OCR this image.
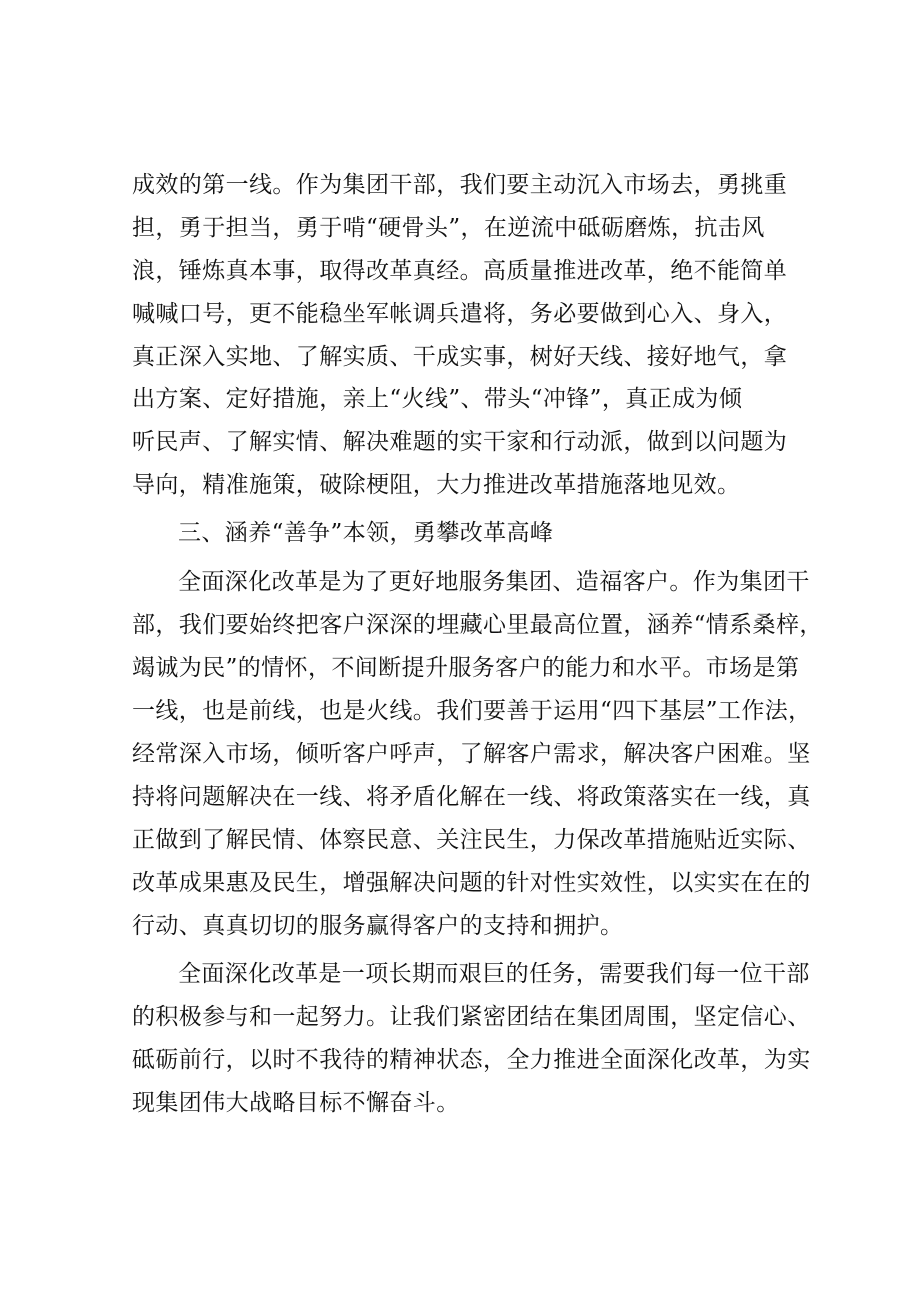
成效的第一线。作为集团干部，我们要主动沉入市场去，勇挑重
担，勇于担当，勇于啃“硬骨头”，在逆流中砥砺磨炼，抗击风
浪，锤炼真本事，取得改革真经。高质量推进改革，绝不能简单
喊喊口号，更不能稳坐军帐调兵遣将，务必要做到心入、身入，
真正深入实地、了解实质、干成实事，树好天线、接好地气，拿
出方案、定好措施，亲上“火线”、带头“冲锋”，真正成为倾
听民声、了解实情、解决难题的实干家和行动派，做到以问题为
导向，精准施策，破除梗阻，大力推进改革措施落地见效。
三、涵养“善争”本领，勇攀改革高峰
全面深化改革是为了更好地服务集团、造福客户。作为集团干
部，我们要始终把客户深深的埋藏心里最高位置，涵养“情系桑梓，
竭诚为民”的情怀，不间断提升服务客户的能力和水平。市场是第
一线，也是前线，也是火线。我们要善于运用“四下基层”工作法，
经常深入市场，倾听客户呼声，了解客户需求，解决客户困难。坚
持将问题解决在一线、将矛盾化解在一线、将政策落实在一线，真
正做到了解民情、体察民意、关注民生，力保改革措施贴近实际、
改革成果惠及民生，增强解决问题的针对性实效性，以实实在在的
行动、真真切切的服务赢得客户的支持和拥护。
全面深化改革是一项长期而艰巨的任务，需要我们每一位干部
的积极参与和一起努力。让我们紧密团结在集团周围，坚定信心、
砥砺前行，以时不我待的精神状态，全力推进全面深化改革，为实
现集团伟大战略目标不懈奋斗。
